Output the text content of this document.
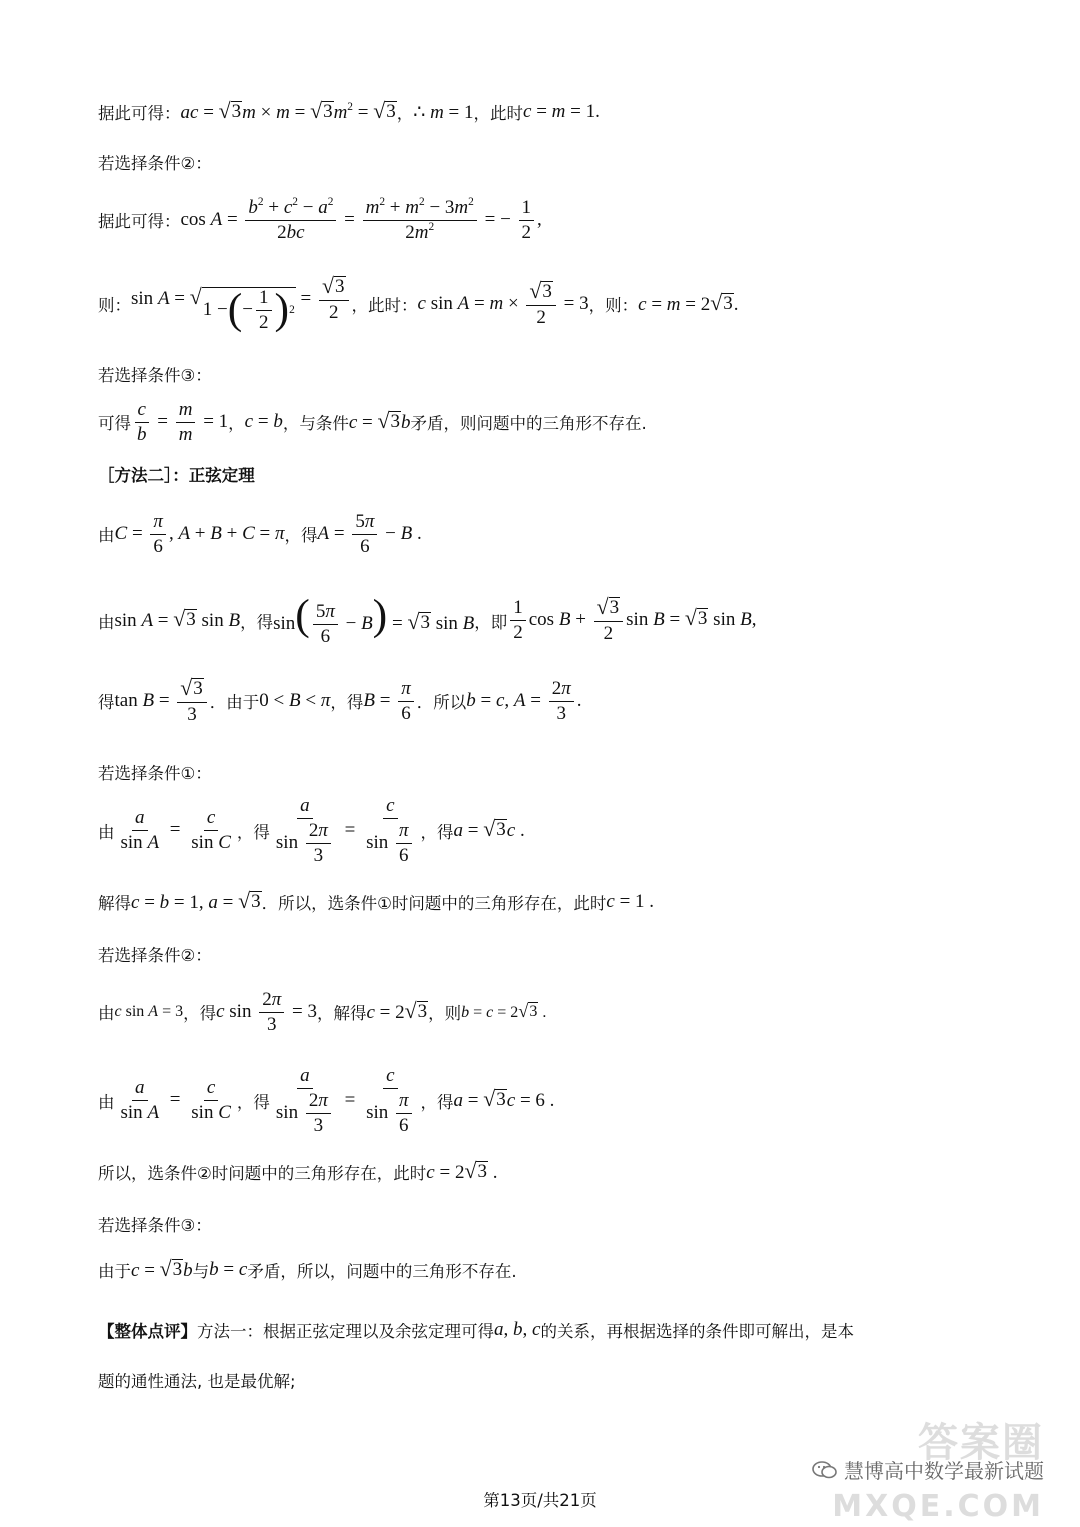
据此可得： ac = √ 3 m × m = √ 3 $m^2$ = √ 3 ， ∴ m = 1 ，此时 c = m = 1.
若选择条件②：
据此可得： $\cos A = \frac{b^2 + c^2 - a^2}{2bc} = \frac{m^2 + m^2 - 3m^2}{2m^2}$ = − $\frac{1}{2}$ ,
则： sin A = √
1 − ( − $\frac{1}{2}$ ) 2
= $\frac{√ 3}{2}$ ，此时： c $\sin A = m \times \frac{√ 3}{2} = 3$ ，则： c = m = 2 √ 3 .
若选择条件③：
可得 $\frac{c}{b} = \frac{m}{m} = 1$ ， c = b ，与条件 c = √ 3 b 矛盾，则问题中的三角形不存在.
［方法二］：正弦定理
由 $C = \frac{\pi}{6}$ , A + B + C = π ，得 $A = \frac{5\pi}{6} - B$ .
由 sin A = √ 3 sin B ，得 $\sin( \frac{5\pi}{6} - B)$ = √ 3 sin B ，即 $\frac{1}{2}$ $\cos B + \frac{√ 3}{2}$ sin B = √ 3 sin B,
得 $\tan B = \frac{√ 3}{3}$ ．由于 0 < B < π ，得 $B = \frac{\pi}{6}$ ．所以 b = c, $A = \frac{2\pi}{3}$ .
若选择条件①：
由 $\frac{a}{\text{sin A}} = \frac{c}{\text{sin C}}$ ，得 $\frac{a}{\sin \frac{2\pi}{3}} = \frac{c}{\sin \frac{\pi}{6}}$ ，得 a = √ 3 c .
解得 c = b = 1, a = √ 3 ．所以，选条件①时问题中的三角形存在，此时 c = 1 .
若选择条件②：
由 c sin A = 3 ，得 c $\sin \frac{2\pi}{3} = 3$ ，解得 c = 2 √ 3 ，则 b = c = 2 √ 3 .
由 $\frac{a}{\text{sin A}} = \frac{c}{\text{sin C}}$ ，得 $\frac{a}{\sin \frac{2\pi}{3}} = \frac{c}{\sin \frac{\pi}{6}}$ ，得 a = √ 3 c = 6 .
所以，选条件②时问题中的三角形存在，此时 c = 2 √ 3 .
若选择条件③：
由于 c = √ 3 b 与 b = c 矛盾，所以，问题中的三角形不存在.
【整体点评】 方法一：根据正弦定理以及余弦定理可得 a, b, c 的关系，再根据选择的条件即可解出，是本
题的通性通法, 也是最优解;
第13页/共21页
答案圈
慧博高中数学最新试题
MXQE.COM
